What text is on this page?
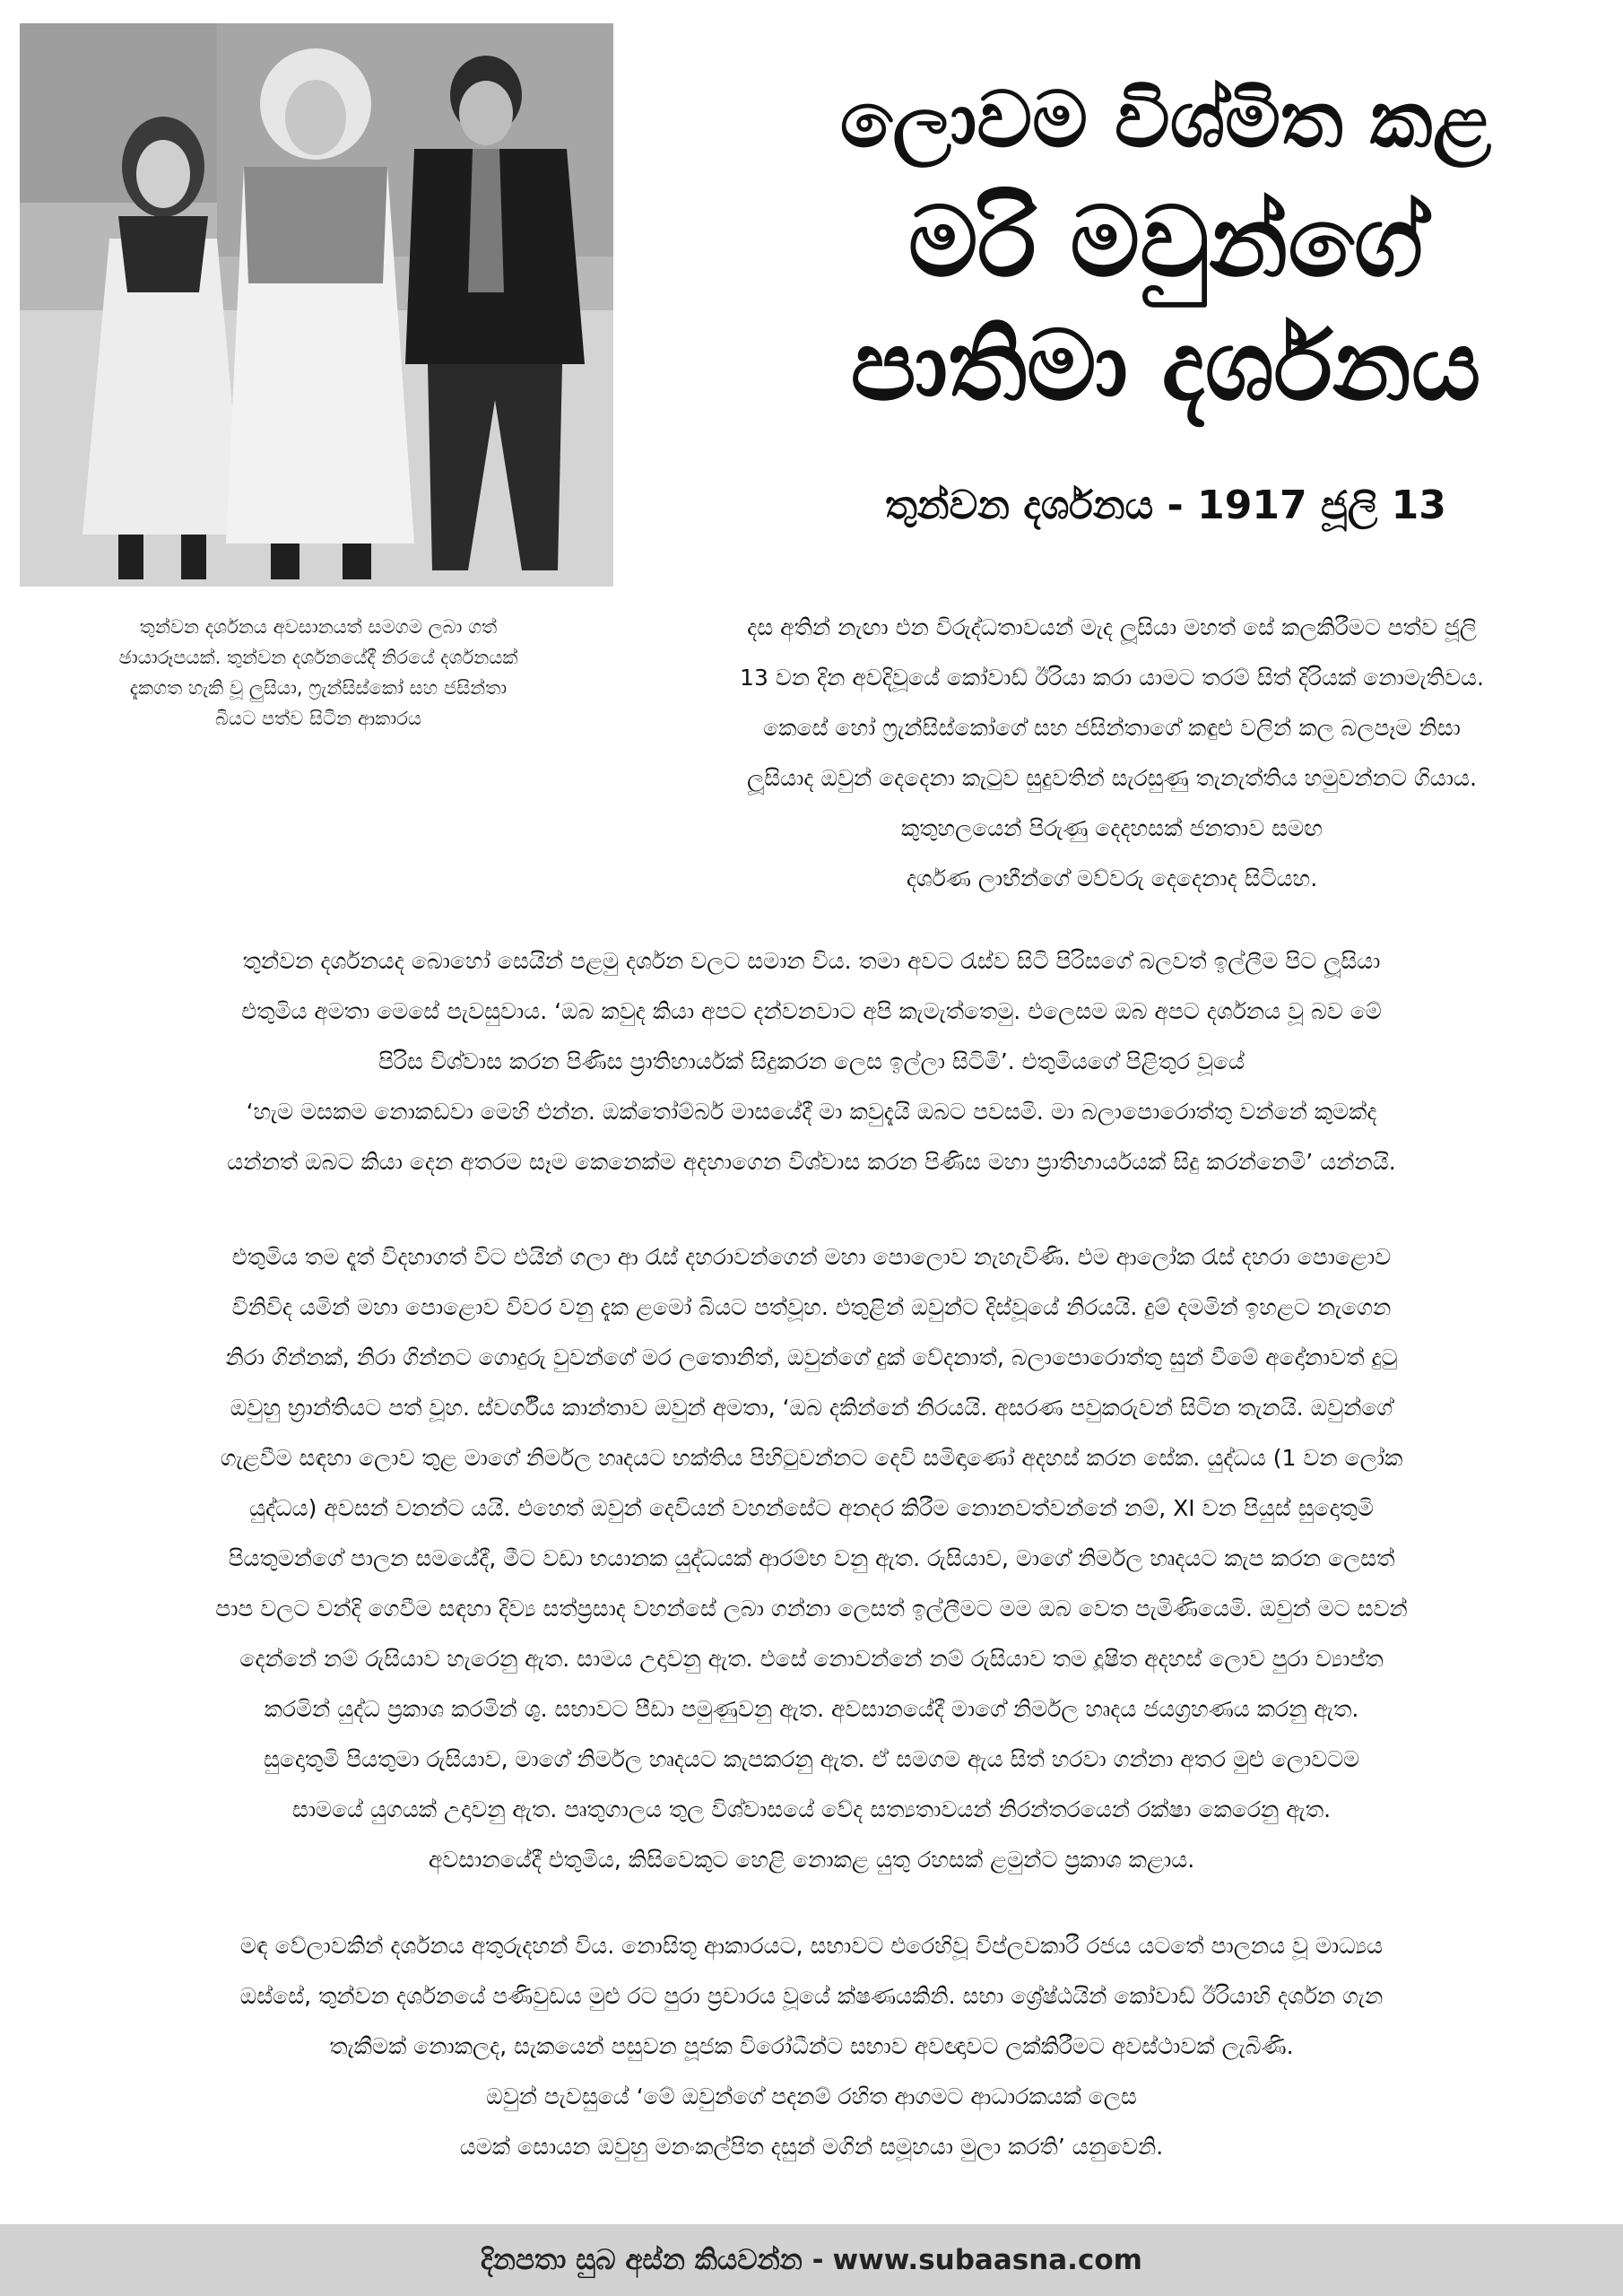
තුන්වන දර්ශනය අවසානයත් සමගම ලබා ගත්
ඡායාරූපයක්. තුන්වන දර්ශනයේදී නිරයේ දර්ශනයක්
දැකගත හැකි වූ ලුසියා, ෆ්‍රැන්සිස්කෝ සහ ජසින්තා
බියට පත්ව සිටින ආකාරය
ලොවම විශ්මිත කළ
මරි මවුන්ගේ
පාතිමා දර්ශනය
තුන්වන දර්ශනය - 1917 ජූලි 13
දස අතින් නැඟා එන විරුද්ධතාවයන් මැද ලූසියා මහත් සේ කලකිරීමට පත්ව ජූලි
13 වන දින අවදිවූයේ කෝවාඩ් ඊරියා කරා යාමට තරම් සිත් දිරියක් නොමැතිවය.
කෙසේ හෝ ෆ්‍රැන්සිස්කෝගේ සහ ජසින්තාගේ කඳුළු වලින් කල බලපෑම නිසා
ලූසියාද ඔවුන් දෙදෙනා කැටුව සුදුවතින් සැරසුණු තැනැත්තිය හමුවන්නට ගියාය.
කුතුහලයෙන් පිරුණු දෙදහසක් ජනතාව සමඟ
දර්ශණ ලාභීන්ගේ මව්වරු දෙදෙනාද සිටියහ.
තුන්වන දර්ශනයද බොහෝ සෙයින් පළමු දර්ශන වලට සමාන විය. තමා අවට රැස්ව සිටි පිරිසගේ බලවත් ඉල්ලීම පිට ලූසියා
එතුමිය අමතා මෙසේ පැවසුවාය. ‘ඔබ කවුද කියා අපට දන්වනවාට අපි කැමැත්තෙමු. එලෙසම ඔබ අපට දර්ශනය වූ බව මේ
පිරිස විශ්වාස කරන පිණිස ප්‍රාතිහාර්යක් සිදුකරන ලෙස ඉල්ලා සිටිමි’. එතුමියගේ පිළිතුර වූයේ
‘හැම මසකම නොකඩවා මෙහි එන්න. ඔක්තෝම්බර් මාසයේදී මා කවුදැයි ඔබට පවසමි. මා බලාපොරොත්තු වන්නේ කුමක්ද
යන්නත් ඔබට කියා දෙන අතරම සෑම කෙනෙක්ම අදහාගෙන විශ්වාස කරන පිණිස මහා ප්‍රාතිහාර්යයක් සිදු කරන්නෙමි’ යන්නයි.
එතුමිය තම දෑත් විදහාගත් විට එයින් ගලා ආ රැස් දහරාවන්ගෙන් මහා පොලොව නැහැවිණි. එම ආලෝක රැස් දහරා පොළොව
විනිවිද යමින් මහා පොළොව විවර වනු දැක ළමෝ බියට පත්වූහ. එතුළින් ඔවුන්ට දිස්වූයේ නිරයයි. දුම් දමමින් ඉහළට නැගෙන
නිරා ගින්නක්, නිරා ගින්නට ගොදුරු වුවන්ගේ මර ලතොනිත්, ඔවුන්ගේ දුක් වේදනාත්, බලාපොරොත්තු සුන් වීමේ අදෝනාවත් දුටු
ඔවුහු භ්‍රාන්තියට පත් වූහ. ස්වර්ගීය කාන්තාව ඔවුන් අමතා, ‘ඔබ දකින්නේ නිරයයි. අසරණ පවුකරුවන් සිටින තැනයි. ඔවුන්ගේ
ගැළවීම සඳහා ලොව තුළ මාගේ නිර්මල හෘදයට භක්තිය පිහිටුවන්නට දෙවි සමිඳාණෝ අදහස් කරන සේක. යුද්ධය (1 වන ලෝක
යුද්ධය) අවසන් වනන්ට යයි. එහෙත් ඔවුන් දෙවියන් වහන්සේට අනදර කිරීම නොනවත්වන්නේ නම්, XI වන පියුස් සුදොතුමි
පියතුමන්ගේ පාලන සමයේදී, මීට වඩා භයානක යුද්ධයක් ආරම්භ වනු ඇත. රුසියාව, මාගේ නිර්මල හෘදයට කැප කරන ලෙසත්
පාප වලට වන්දි ගෙවීම සඳහා දිව්‍ය සත්ප්‍රසාද වහන්සේ ලබා ගන්නා ලෙසත් ඉල්ලීමට මම ඔබ වෙත පැමිණියෙමි. ඔවුන් මට සවන්
දෙන්නේ නම් රුසියාව හැරෙනු ඇත. සාමය උදාවනු ඇත. එසේ නොවන්නේ නම් රුසියාව තම දූෂිත අදහස් ලොව පුරා ව්‍යාප්ත
කරමින් යුද්ධ ප්‍රකාශ කරමින් ශු. සභාවට පීඩා පමුණුවනු ඇත. අවසානයේදී මාගේ නිර්මල හෘදය ජයග්‍රහණය කරනු ඇත.
සුදොතුමි පියතුමා රුසියාව, මාගේ නිර්මල හෘදයට කැපකරනු ඇත. ඒ සමගම ඇය සිත් හරවා ගන්නා අතර මුළු ලොවටම
සාමයේ යුගයක් උදාවනු ඇත. පෘතුගාලය තුල විශ්වාසයේ වේද සත්‍යතාවයන් නිරන්තරයෙන් රක්ෂා කෙරෙනු ඇත.
අවසානයේදී එතුමිය, කිසිවෙකුට හෙළි නොකළ යුතු රහසක් ළමුන්ට ප්‍රකාශ කළාය.
මඳ වේලාවකින් දර්ශනය අතුරුදහන් විය. නොසිතූ ආකාරයට, සභාවට එරෙහිවූ විප්ලවකාරී රජය යටතේ පාලනය වූ මාධ්‍යය
ඔස්සේ, තුන්වන දර්ශනයේ පණිවුඩය මුළු රට පුරා ප්‍රචාරය වූයේ ක්ෂණයකිනි. සභා ශ්‍රේෂ්ඨයින් කෝවාඩ් ඊරියාහි දර්ශන ගැන
තැකීමක් නොකලද, සැකයෙන් පසුවන පූජක විරෝධීන්ට සභාව අවඥාවට ලක්කිරීමට අවස්ථාවක් ලැබිණි.
ඔවුන් පැවසුයේ ‘මේ ඔවුන්ගේ පදනම් රහිත ආගමට ආධාරකයක් ලෙස
යමක් සොයන ඔවුහු මනංකල්පිත දසුන් මගින් සමූහයා මුලා කරති’ යනුවෙනි.
දිනපතා සුබ අස්න කියවන්න - www.subaasna.com
